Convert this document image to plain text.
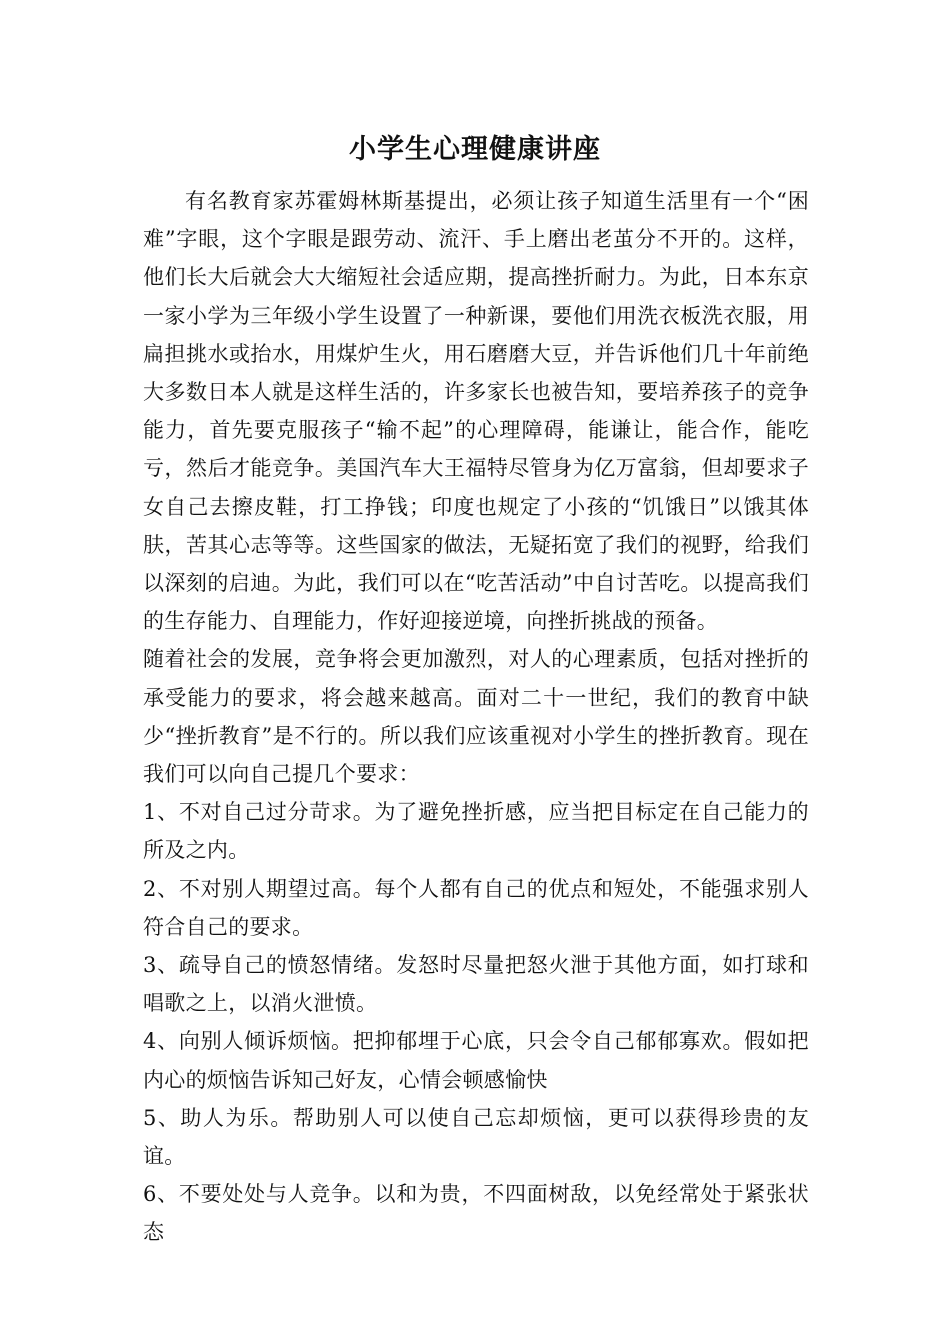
小学生心理健康讲座

有名教育家苏霍姆林斯基提出，必须让孩子知道生活里有一个“困难”字眼，这个字眼是跟劳动、流汗、手上磨出老茧分不开的。这样，他们长大后就会大大缩短社会适应期，提高挫折耐力。为此，日本东京一家小学为三年级小学生设置了一种新课，要他们用洗衣板洗衣服，用扁担挑水或抬水，用煤炉生火，用石磨磨大豆，并告诉他们几十年前绝大多数日本人就是这样生活的，许多家长也被告知，要培养孩子的竞争能力，首先要克服孩子“输不起”的心理障碍，能谦让，能合作，能吃亏，然后才能竞争。美国汽车大王福特尽管身为亿万富翁，但却要求子女自己去擦皮鞋，打工挣钱；印度也规定了小孩的“饥饿日”以饿其体肤，苦其心志等等。这些国家的做法，无疑拓宽了我们的视野，给我们以深刻的启迪。为此，我们可以在“吃苦活动”中自讨苦吃。以提高我们的生存能力、自理能力，作好迎接逆境，向挫折挑战的预备。

随着社会的发展，竞争将会更加激烈，对人的心理素质，包括对挫折的承受能力的要求，将会越来越高。面对二十一世纪，我们的教育中缺少“挫折教育”是不行的。所以我们应该重视对小学生的挫折教育。现在我们可以向自己提几个要求：

1、不对自己过分苛求。为了避免挫折感，应当把目标定在自己能力的所及之内。

2、不对别人期望过高。每个人都有自己的优点和短处，不能强求别人符合自己的要求。

3、疏导自己的愤怒情绪。发怒时尽量把怒火泄于其他方面，如打球和唱歌之上，以消火泄愤。

4、向别人倾诉烦恼。把抑郁埋于心底，只会令自己郁郁寡欢。假如把内心的烦恼告诉知己好友，心情会顿感愉快

5、助人为乐。帮助别人可以使自己忘却烦恼，更可以获得珍贵的友谊。

6、不要处处与人竞争。以和为贵，不四面树敌，以免经常处于紧张状态
